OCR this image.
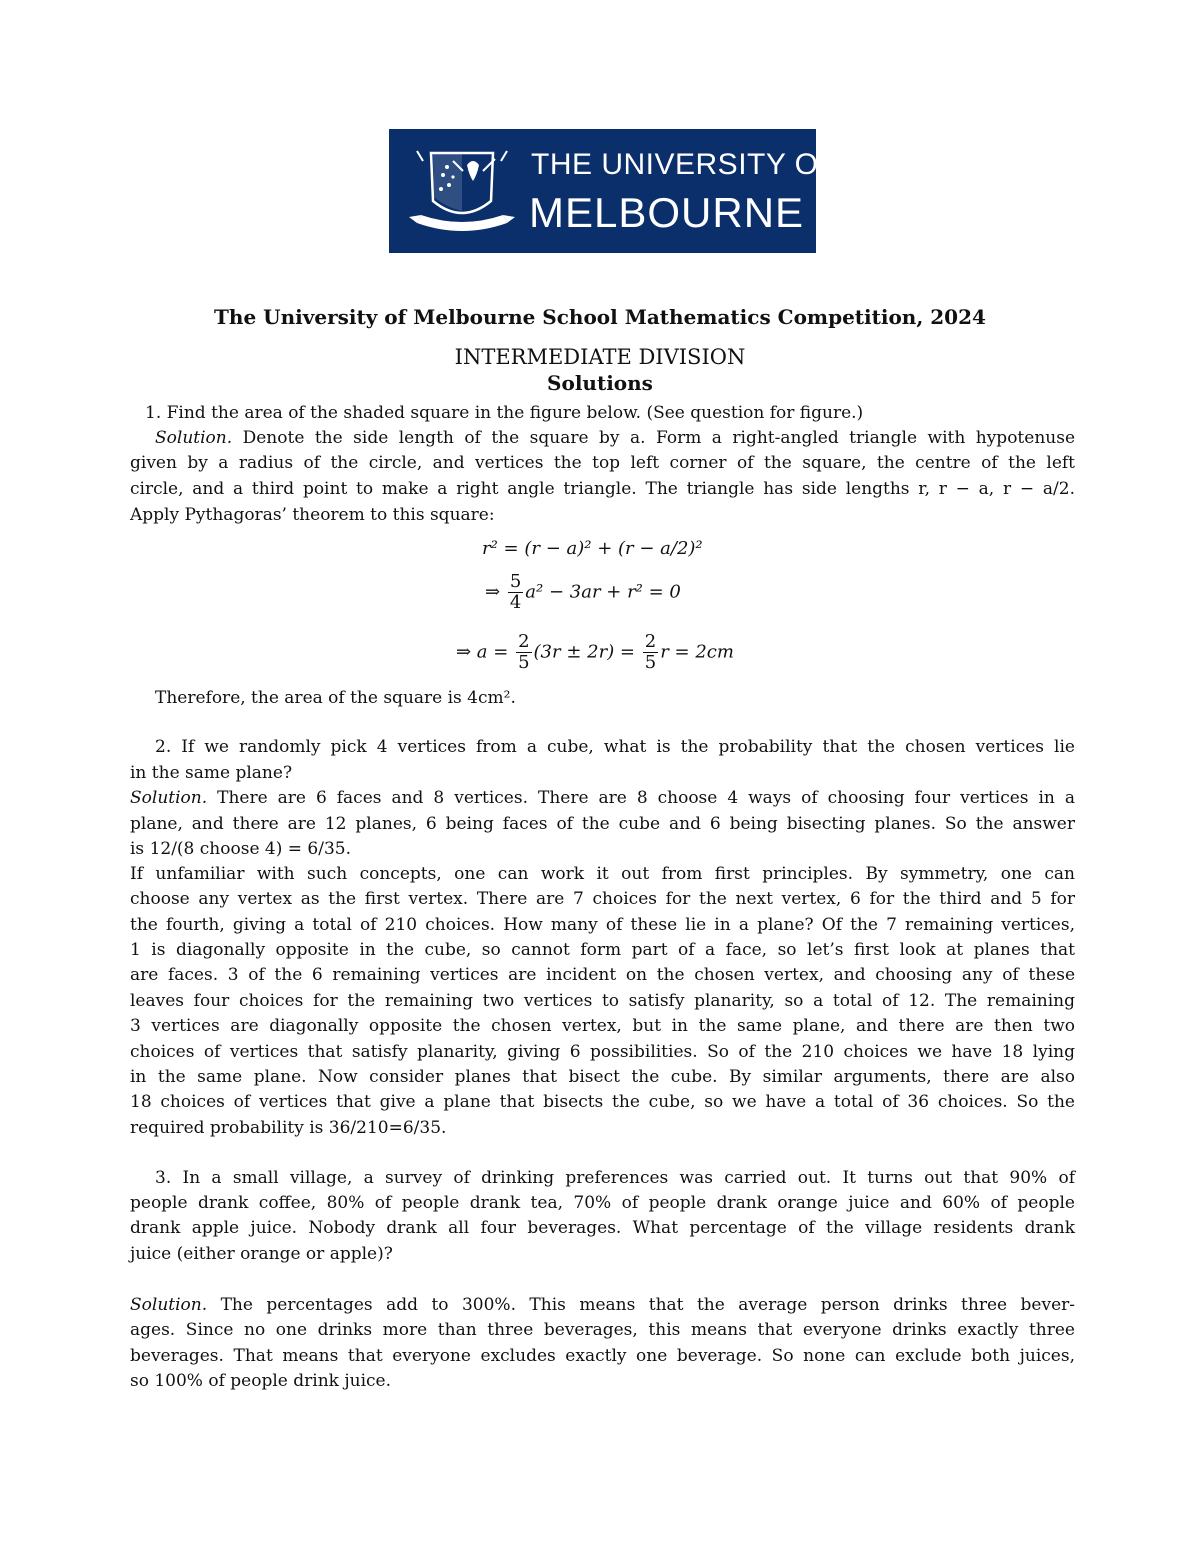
THE UNIVERSITY OF
MELBOURNE
The University of Melbourne School Mathematics Competition, 2024
INTERMEDIATE DIVISION
Solutions
1. Find the area of the shaded square in the figure below. (See question for figure.)
Solution. Denote the side length of the square by a. Form a right-angled triangle with hypotenuse
given by a radius of the circle, and vertices the top left corner of the square, the centre of the left
circle, and a third point to make a right angle triangle. The triangle has side lengths r, r − a, r − a/2.
Apply Pythagoras’ theorem to this square:
r² = (r − a)² + (r − a/2)²
⇒ $\frac{5}{4} a^2 - 3ar + r^2 = 0$
⇒ $a = \frac{2}{5} (3r \pm 2r) = \frac{2}{5}$ r = 2cm
Therefore, the area of the square is 4cm².
2. If we randomly pick 4 vertices from a cube, what is the probability that the chosen vertices lie
in the same plane?
Solution. There are 6 faces and 8 vertices. There are 8 choose 4 ways of choosing four vertices in a
plane, and there are 12 planes, 6 being faces of the cube and 6 being bisecting planes. So the answer
is 12/(8 choose 4) = 6/35.
If unfamiliar with such concepts, one can work it out from first principles. By symmetry, one can
choose any vertex as the first vertex. There are 7 choices for the next vertex, 6 for the third and 5 for
the fourth, giving a total of 210 choices. How many of these lie in a plane? Of the 7 remaining vertices,
1 is diagonally opposite in the cube, so cannot form part of a face, so let’s first look at planes that
are faces. 3 of the 6 remaining vertices are incident on the chosen vertex, and choosing any of these
leaves four choices for the remaining two vertices to satisfy planarity, so a total of 12. The remaining
3 vertices are diagonally opposite the chosen vertex, but in the same plane, and there are then two
choices of vertices that satisfy planarity, giving 6 possibilities. So of the 210 choices we have 18 lying
in the same plane. Now consider planes that bisect the cube. By similar arguments, there are also
18 choices of vertices that give a plane that bisects the cube, so we have a total of 36 choices. So the
required probability is 36/210=6/35.
3. In a small village, a survey of drinking preferences was carried out. It turns out that 90% of
people drank coffee, 80% of people drank tea, 70% of people drank orange juice and 60% of people
drank apple juice. Nobody drank all four beverages. What percentage of the village residents drank
juice (either orange or apple)?
Solution. The percentages add to 300%. This means that the average person drinks three bever-
ages. Since no one drinks more than three beverages, this means that everyone drinks exactly three
beverages. That means that everyone excludes exactly one beverage. So none can exclude both juices,
so 100% of people drink juice.
